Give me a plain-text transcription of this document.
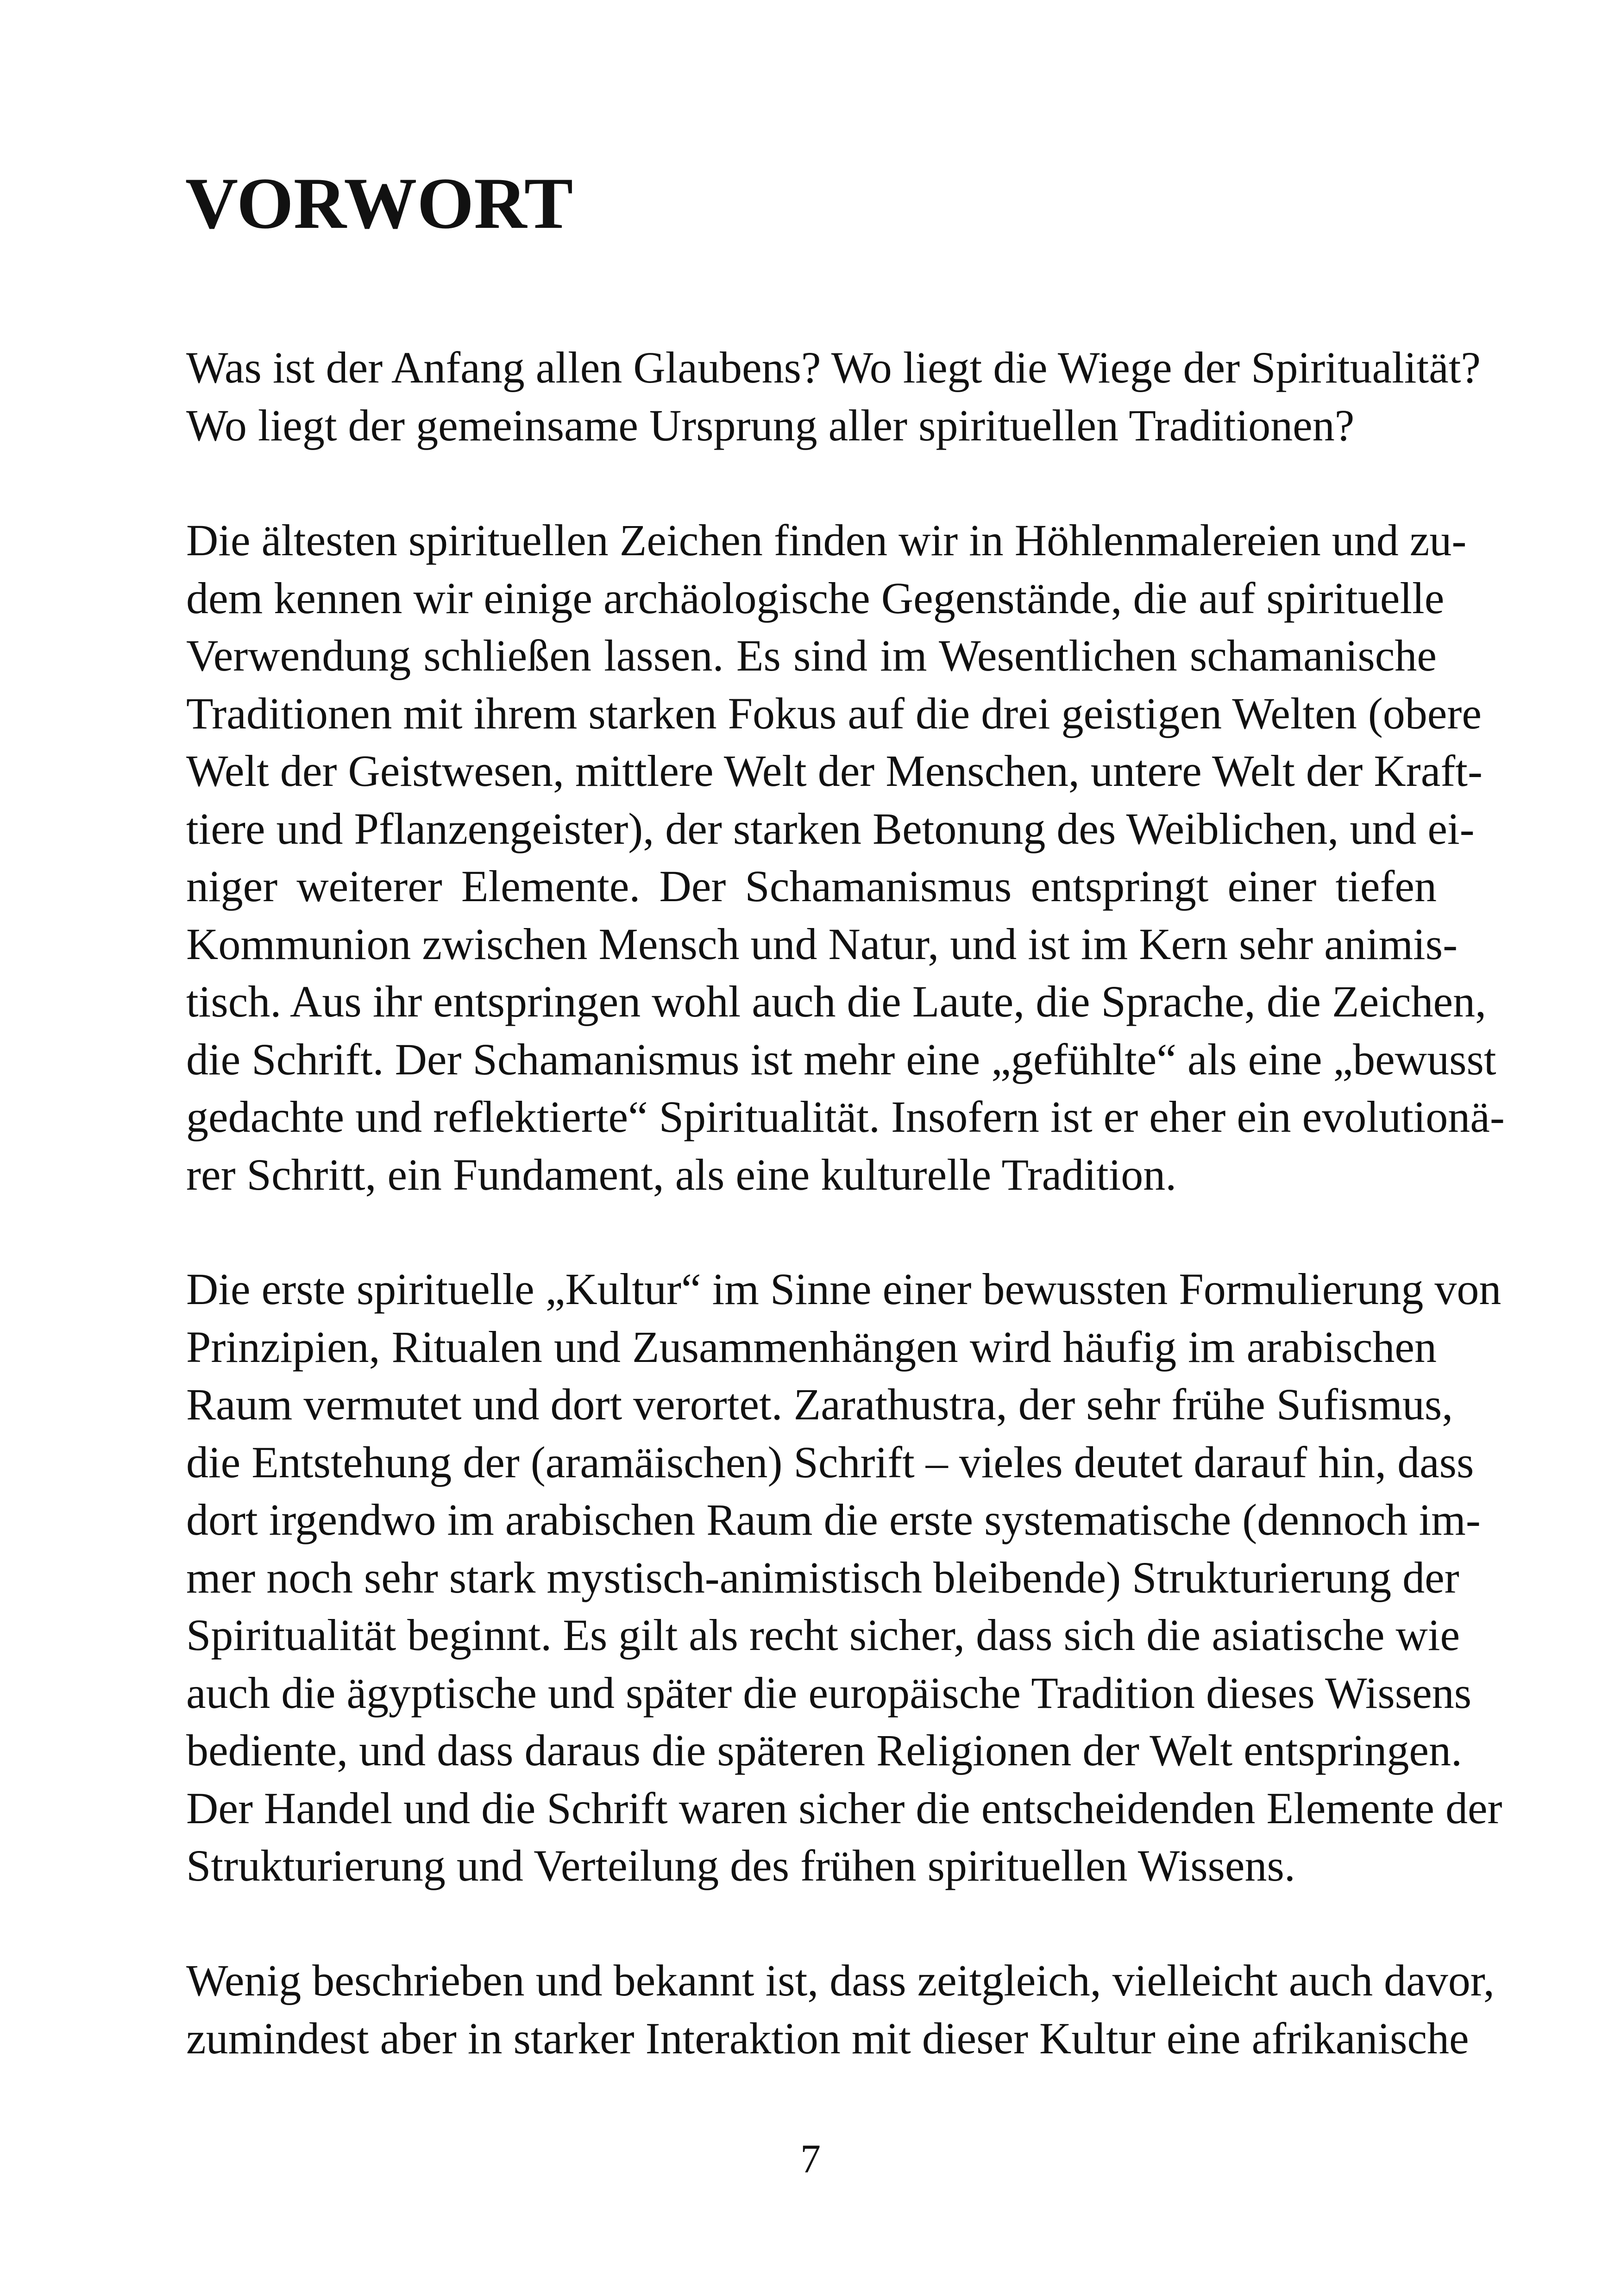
VORWORT
Was ist der Anfang allen Glaubens? Wo liegt die Wiege der Spiritualität?
Wo liegt der gemeinsame Ursprung aller spirituellen Traditionen?
Die ältesten spirituellen Zeichen finden wir in Höhlenmalereien und zu-
dem kennen wir einige archäologische Gegenstände, die auf spirituelle
Verwendung schließen lassen. Es sind im Wesentlichen schamanische
Traditionen mit ihrem starken Fokus auf die drei geistigen Welten (obere
Welt der Geistwesen, mittlere Welt der Menschen, untere Welt der Kraft-
tiere und Pflanzengeister), der starken Betonung des Weiblichen, und ei-
niger weiterer Elemente. Der Schamanismus entspringt einer tiefen
Kommunion zwischen Mensch und Natur, und ist im Kern sehr animis-
tisch. Aus ihr entspringen wohl auch die Laute, die Sprache, die Zeichen,
die Schrift. Der Schamanismus ist mehr eine „gefühlte“ als eine „bewusst
gedachte und reflektierte“ Spiritualität. Insofern ist er eher ein evolutionä-
rer Schritt, ein Fundament, als eine kulturelle Tradition.
Die erste spirituelle „Kultur“ im Sinne einer bewussten Formulierung von
Prinzipien, Ritualen und Zusammenhängen wird häufig im arabischen
Raum vermutet und dort verortet. Zarathustra, der sehr frühe Sufismus,
die Entstehung der (aramäischen) Schrift – vieles deutet darauf hin, dass
dort irgendwo im arabischen Raum die erste systematische (dennoch im-
mer noch sehr stark mystisch-animistisch bleibende) Strukturierung der
Spiritualität beginnt. Es gilt als recht sicher, dass sich die asiatische wie
auch die ägyptische und später die europäische Tradition dieses Wissens
bediente, und dass daraus die späteren Religionen der Welt entspringen.
Der Handel und die Schrift waren sicher die entscheidenden Elemente der
Strukturierung und Verteilung des frühen spirituellen Wissens.
Wenig beschrieben und bekannt ist, dass zeitgleich, vielleicht auch davor,
zumindest aber in starker Interaktion mit dieser Kultur eine afrikanische
7
